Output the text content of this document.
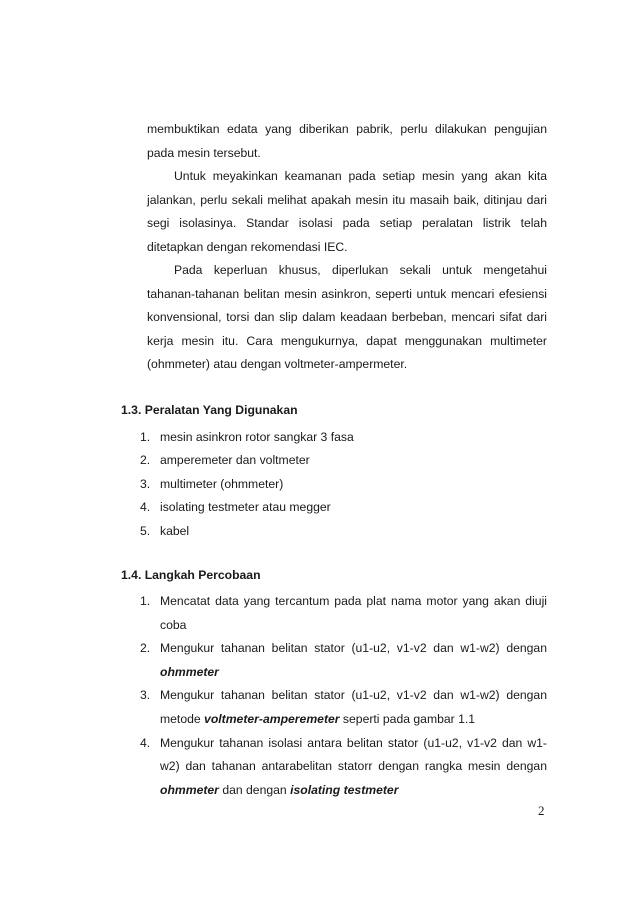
membuktikan edata yang diberikan pabrik, perlu dilakukan pengujian pada mesin tersebut.

Untuk meyakinkan keamanan pada setiap mesin yang akan kita jalankan, perlu sekali melihat apakah mesin itu masaih baik, ditinjau dari segi isolasinya. Standar isolasi pada setiap peralatan listrik telah ditetapkan dengan rekomendasi IEC.

Pada keperluan khusus, diperlukan sekali untuk mengetahui tahanan-tahanan belitan mesin asinkron, seperti untuk mencari efesiensi konvensional, torsi dan slip dalam keadaan berbeban, mencari sifat dari kerja mesin itu. Cara mengukurnya, dapat menggunakan multimeter (ohmmeter) atau dengan voltmeter-ampermeter.

1.3. Peralatan Yang Digunakan

1. mesin asinkron rotor sangkar 3 fasa
2. amperemeter dan voltmeter
3. multimeter (ohmmeter)
4. isolating testmeter atau megger
5. kabel

1.4. Langkah Percobaan

1. Mencatat data yang tercantum pada plat nama motor yang akan diuji coba
2. Mengukur tahanan belitan stator (u1-u2, v1-v2 dan w1-w2) dengan ohmmeter
3. Mengukur tahanan belitan stator (u1-u2, v1-v2 dan w1-w2) dengan metode voltmeter-amperemeter seperti pada gambar 1.1
4. Mengukur tahanan isolasi antara belitan stator (u1-u2, v1-v2 dan w1-w2) dan tahanan antarabelitan statorr dengan rangka mesin dengan ohmmeter dan dengan isolating testmeter
2
